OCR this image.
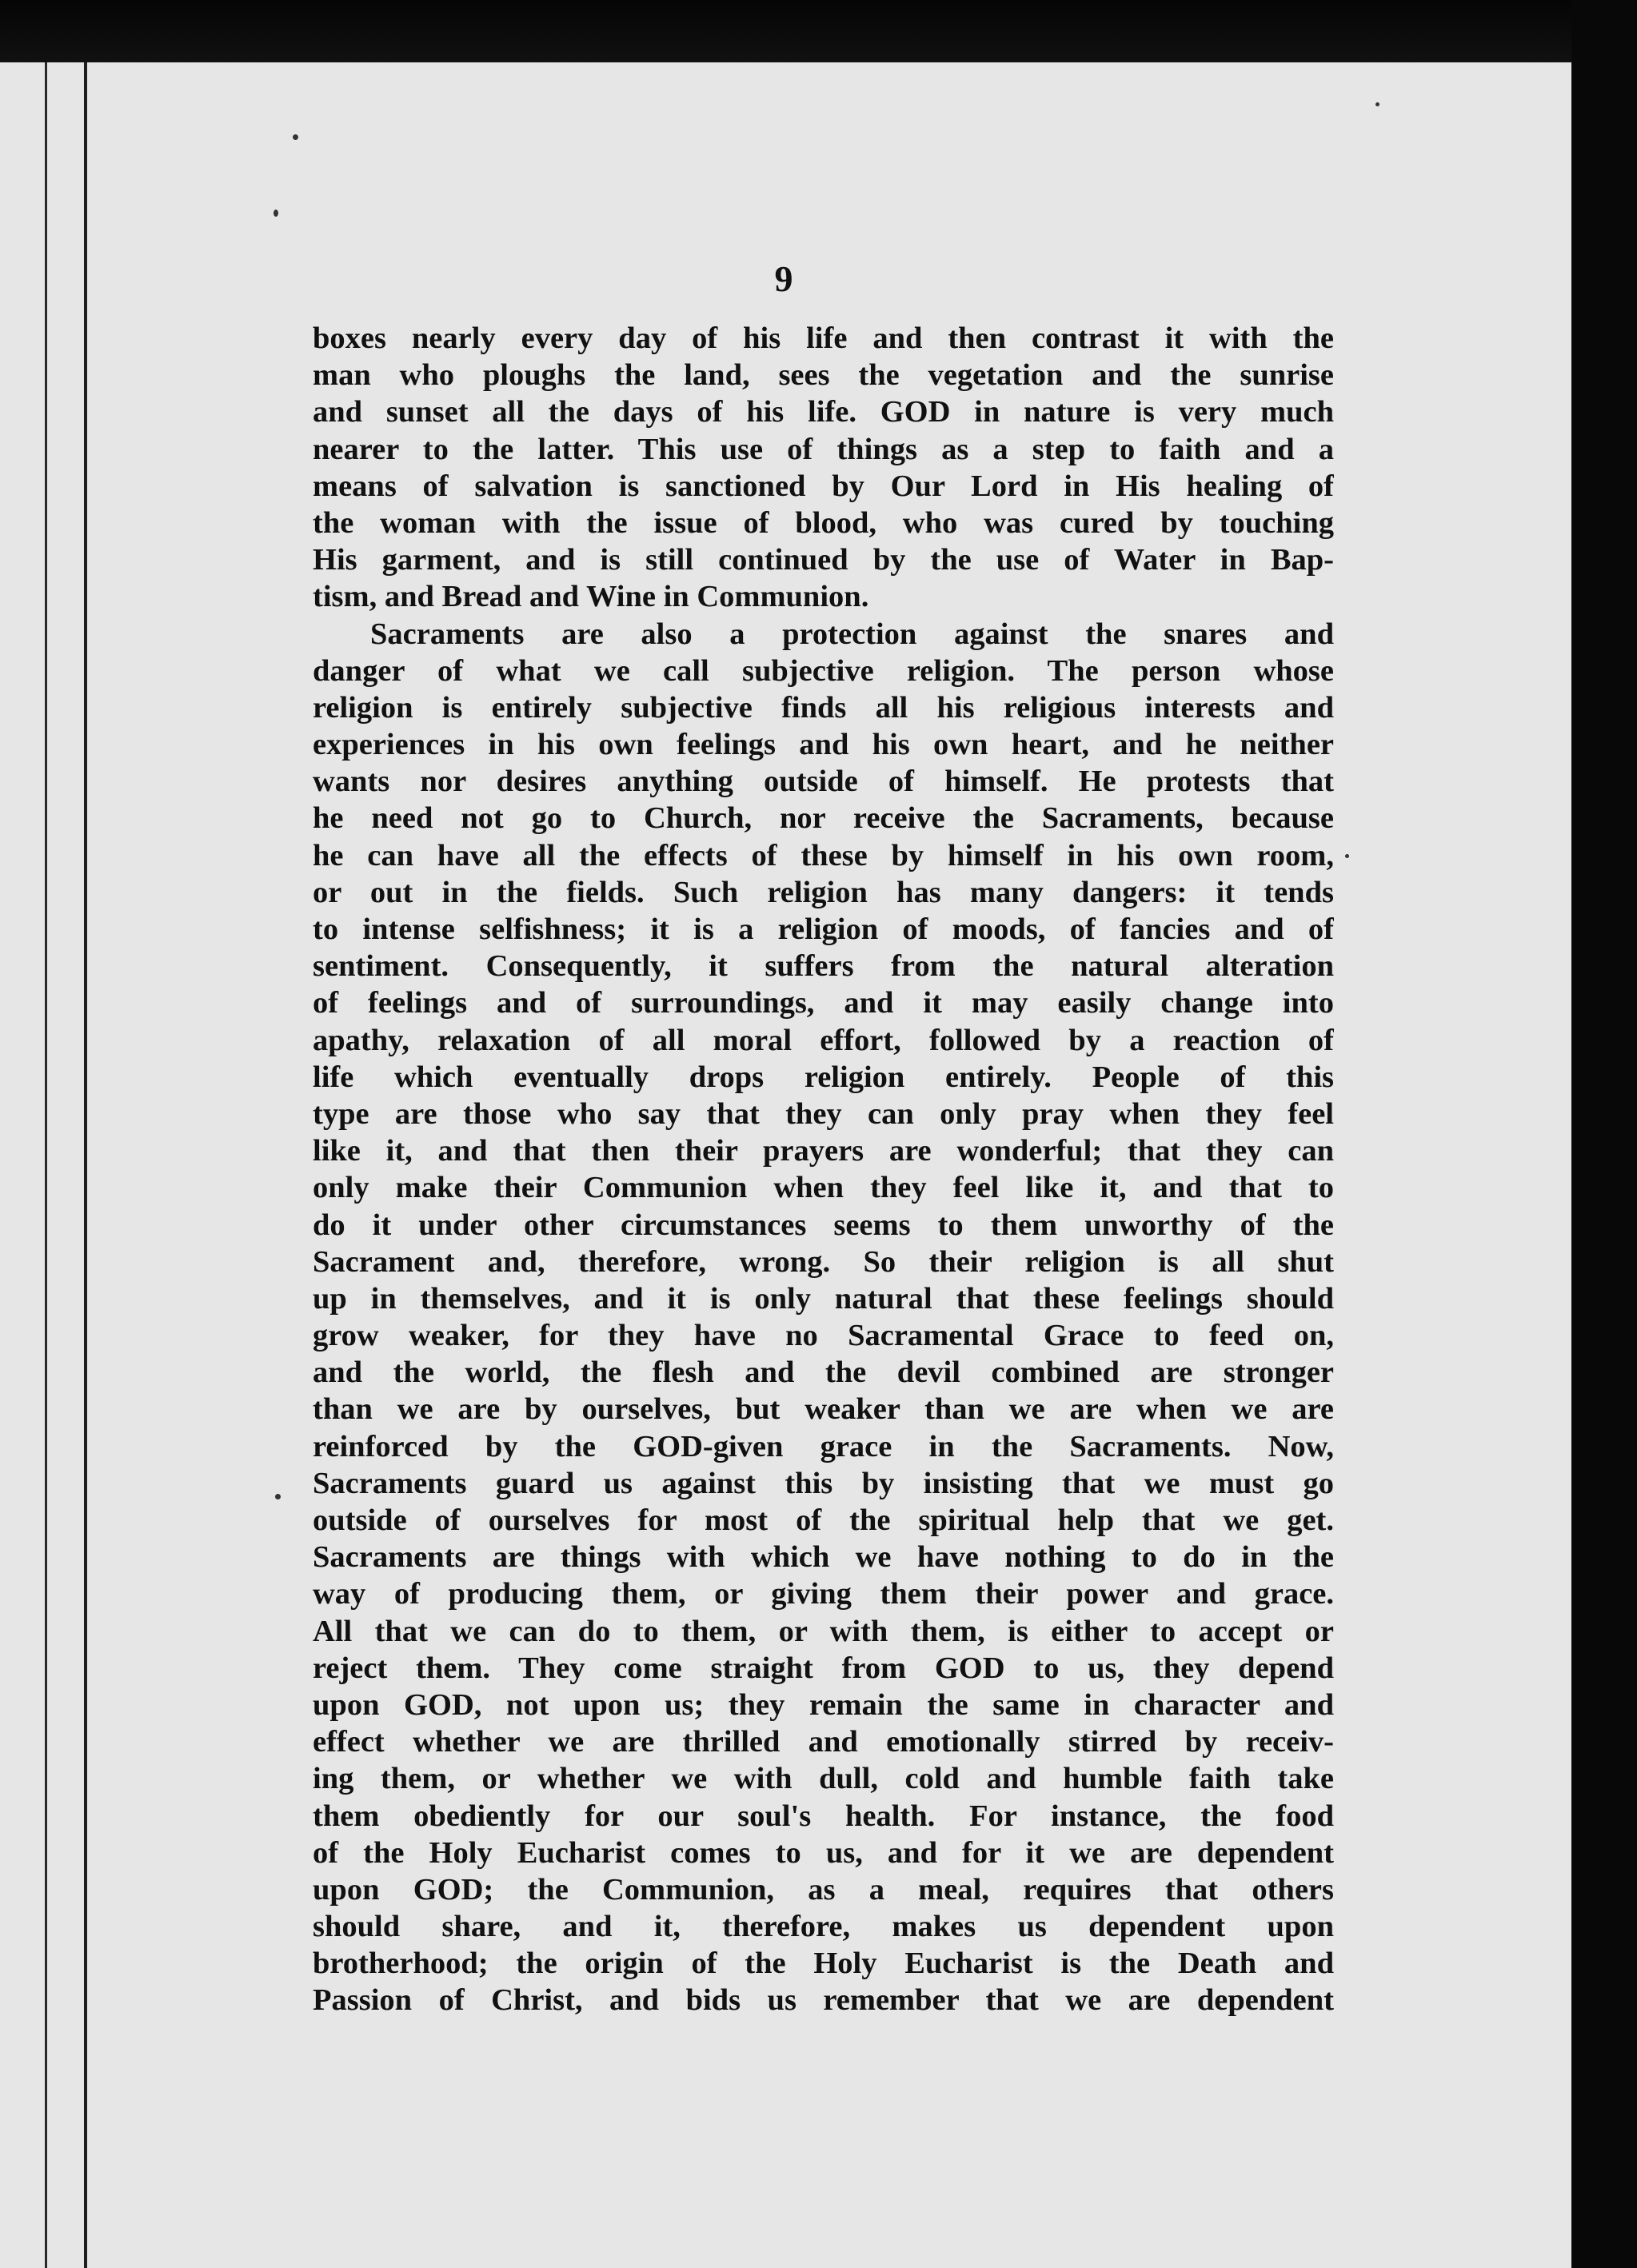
9
boxes nearly every day of his life and then contrast it with the
man who ploughs the land, sees the vegetation and the sunrise
and sunset all the days of his life. GOD in nature is very much
nearer to the latter. This use of things as a step to faith and a
means of salvation is sanctioned by Our Lord in His healing of
the woman with the issue of blood, who was cured by touching
His garment, and is still continued by the use of Water in Bap-
tism, and Bread and Wine in Communion.
Sacraments are also a protection against the snares and
danger of what we call subjective religion. The person whose
religion is entirely subjective finds all his religious interests and
experiences in his own feelings and his own heart, and he neither
wants nor desires anything outside of himself. He protests that
he need not go to Church, nor receive the Sacraments, because
he can have all the effects of these by himself in his own room,
or out in the fields. Such religion has many dangers: it tends
to intense selfishness; it is a religion of moods, of fancies and of
sentiment. Consequently, it suffers from the natural alteration
of feelings and of surroundings, and it may easily change into
apathy, relaxation of all moral effort, followed by a reaction of
life which eventually drops religion entirely. People of this
type are those who say that they can only pray when they feel
like it, and that then their prayers are wonderful; that they can
only make their Communion when they feel like it, and that to
do it under other circumstances seems to them unworthy of the
Sacrament and, therefore, wrong. So their religion is all shut
up in themselves, and it is only natural that these feelings should
grow weaker, for they have no Sacramental Grace to feed on,
and the world, the flesh and the devil combined are stronger
than we are by ourselves, but weaker than we are when we are
reinforced by the GOD-given grace in the Sacraments. Now,
Sacraments guard us against this by insisting that we must go
outside of ourselves for most of the spiritual help that we get.
Sacraments are things with which we have nothing to do in the
way of producing them, or giving them their power and grace.
All that we can do to them, or with them, is either to accept or
reject them. They come straight from GOD to us, they depend
upon GOD, not upon us; they remain the same in character and
effect whether we are thrilled and emotionally stirred by receiv-
ing them, or whether we with dull, cold and humble faith take
them obediently for our soul's health. For instance, the food
of the Holy Eucharist comes to us, and for it we are dependent
upon GOD; the Communion, as a meal, requires that others
should share, and it, therefore, makes us dependent upon
brotherhood; the origin of the Holy Eucharist is the Death and
Passion of Christ, and bids us remember that we are dependent
